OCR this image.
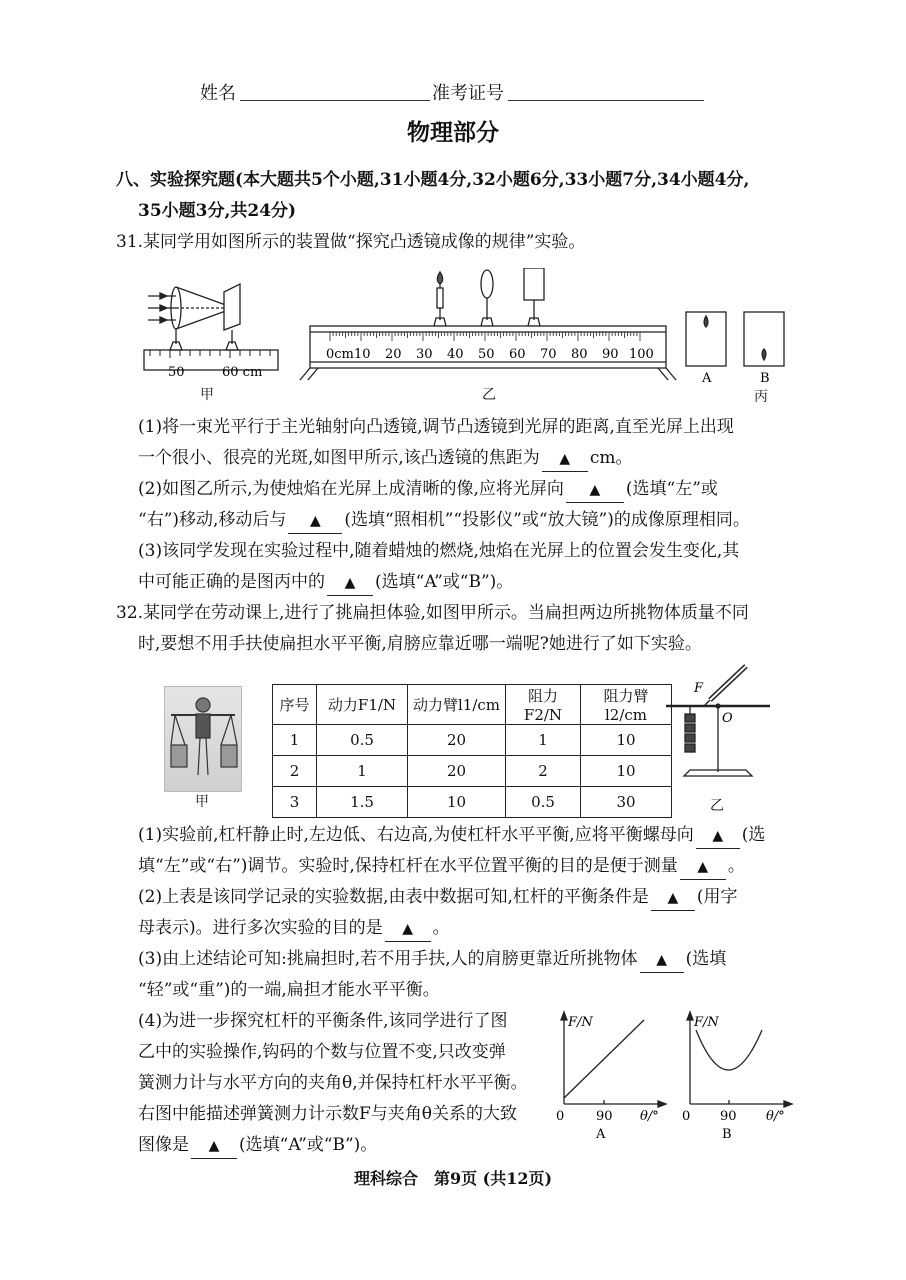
姓名	准考证号
物理部分
八、实验探究题(本大题共5个小题,31小题4分,32小题6分,33小题7分,34小题4分,
35小题3分,共24分)
31.某同学用如图所示的装置做“探究凸透镜成像的规律”实验。
50	60 cm
甲
0cm 10 20 30 40 50 60 70 80 90 100
乙
A	B
丙
(1)将一束光平行于主光轴射向凸透镜,调节凸透镜到光屏的距离,直至光屏上出现
一个很小、很亮的光斑,如图甲所示,该凸透镜的焦距为 ▲ cm。
(2)如图乙所示,为使烛焰在光屏上成清晰的像,应将光屏向 ▲ (选填“左”或
“右”)移动,移动后与 ▲ (选填“照相机”“投影仪”或“放大镜”)的成像原理相同。
(3)该同学发现在实验过程中,随着蜡烛的燃烧,烛焰在光屏上的位置会发生变化,其
中可能正确的是图丙中的 ▲ (选填“A”或“B”)。
32.某同学在劳动课上,进行了挑扁担体验,如图甲所示。当扁担两边所挑物体质量不同
时,要想不用手扶使扁担水平平衡,肩膀应靠近哪一端呢?她进行了如下实验。
甲
序号	动力F1/N	动力臂l1/cm	阻力F2/N	阻力臂l2/cm
1	0.5	20	1	10
2	1	20	2	10
3	1.5	10	0.5	30
F
O
乙
(1)实验前,杠杆静止时,左边低、右边高,为使杠杆水平平衡,应将平衡螺母向 ▲ (选
填“左”或“右”)调节。实验时,保持杠杆在水平位置平衡的目的是便于测量 ▲ 。
(2)上表是该同学记录的实验数据,由表中数据可知,杠杆的平衡条件是 ▲ (用字
母表示)。进行多次实验的目的是 ▲ 。
(3)由上述结论可知:挑扁担时,若不用手扶,人的肩膀更靠近所挑物体 ▲ (选填
“轻”或“重”)的一端,扁担才能水平平衡。
(4)为进一步探究杠杆的平衡条件,该同学进行了图
乙中的实验操作,钩码的个数与位置不变,只改变弹
簧测力计与水平方向的夹角θ,并保持杠杆水平平衡。
右图中能描述弹簧测力计示数F与夹角θ关系的大致
图像是 ▲ (选填“A”或“B”)。
F/N
0 90 θ/°
A
F/N
0 90 θ/°
B
理科综合　第9页 (共12页)
